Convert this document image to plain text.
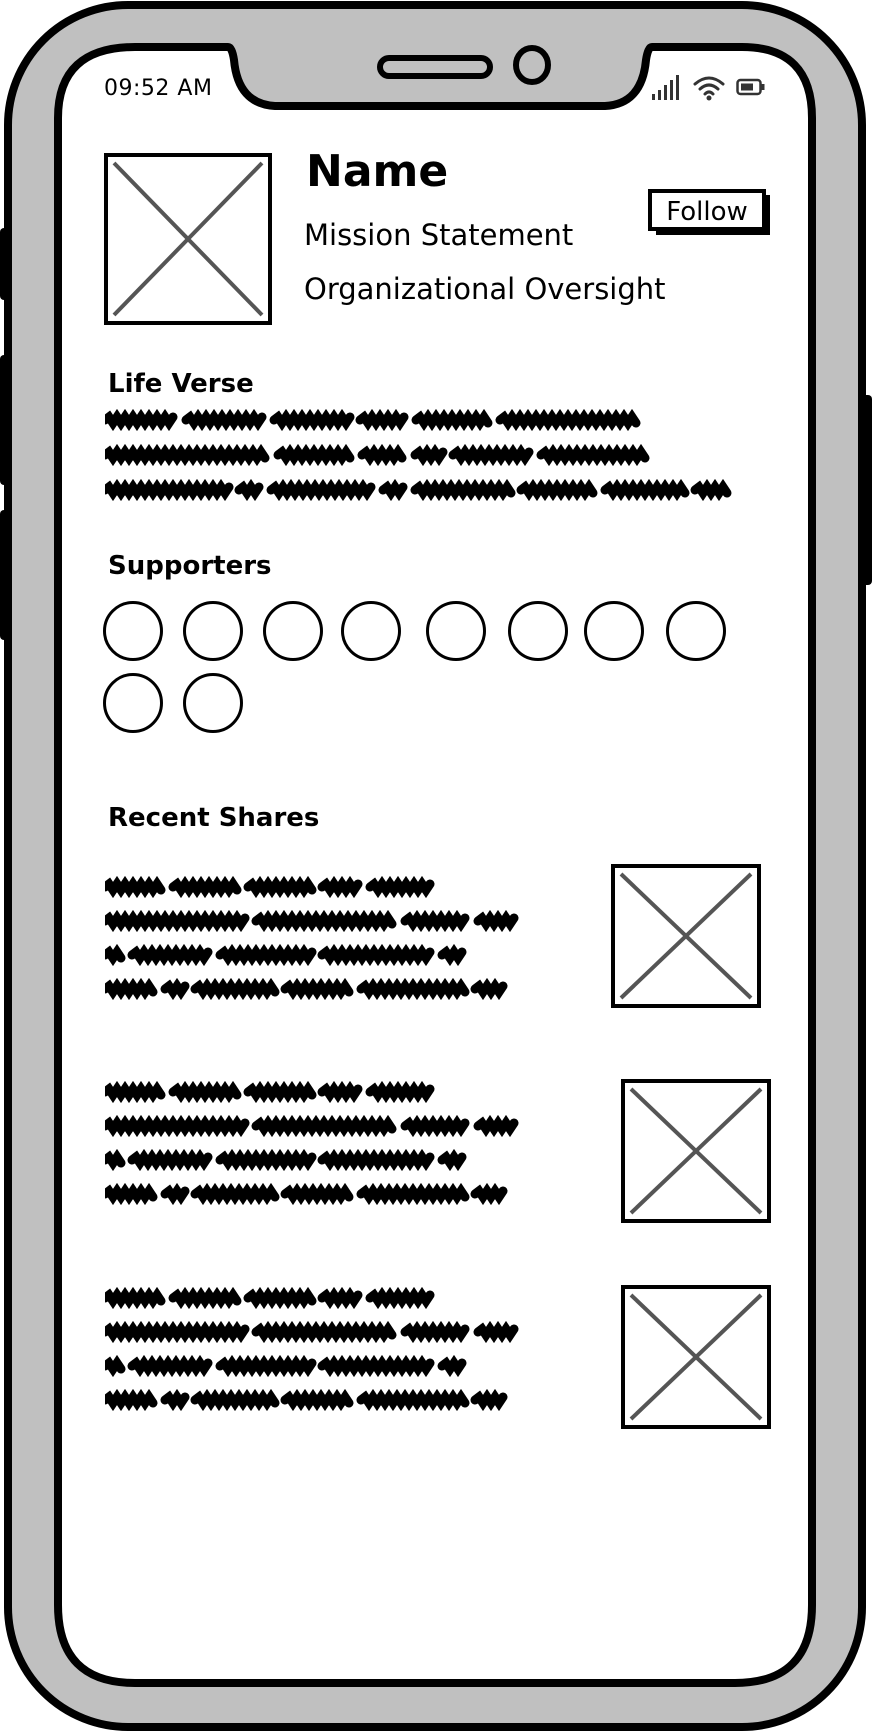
09:52 AM
Name
Mission Statement
Organizational Oversight
Follow
Life Verse
Supporters
Recent Shares
